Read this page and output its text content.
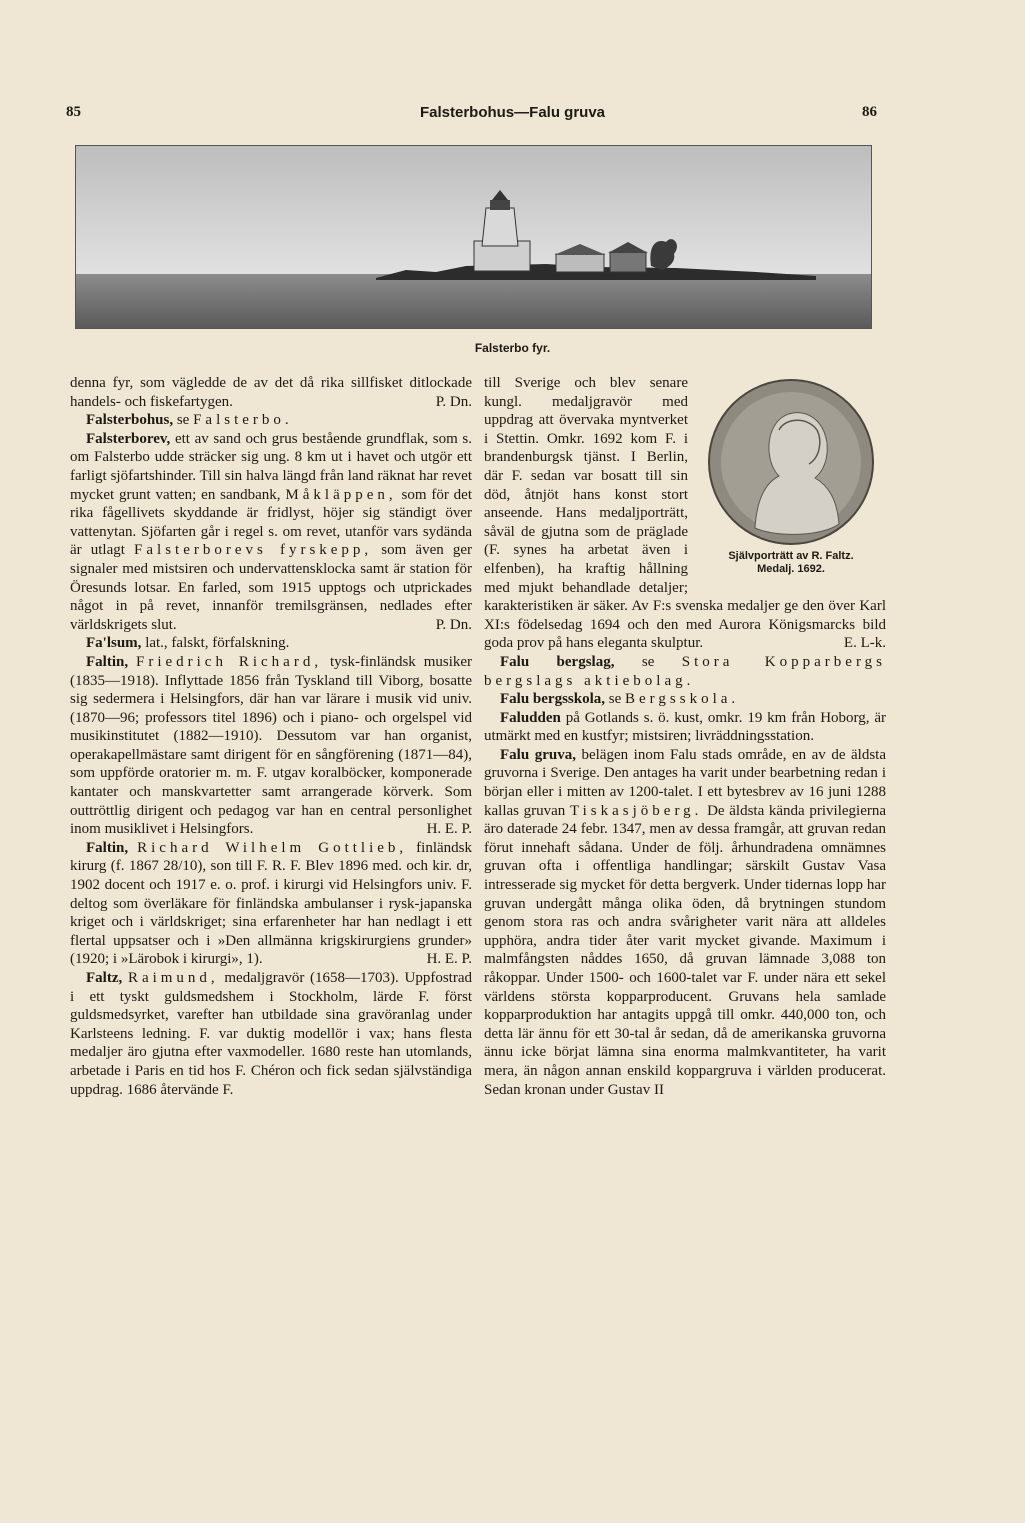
85	Falsterbohus—Falu gruva	86
Falsterbo fyr.

denna fyr, som vägledde de av det då rika sillfisket ditlockade handels- och fiskefartygen.	P. Dn.

Falsterbohus, se Falsterbo.

Falsterborev, ett av sand och grus bestående grundflak, som s. om Falsterbo udde sträcker sig ung. 8 km ut i havet och utgör ett farligt sjöfartshinder. Till sin halva längd från land räknat har revet mycket grunt vatten; en sandbank, Måkläppen, som för det rika fågellivets skyddande är fridlyst, höjer sig ständigt över vattenytan. Sjöfarten går i regel s. om revet, utanför vars sydända är utlagt Falsterborevs fyrskepp, som även ger signaler med mistsiren och undervattensklocka samt är station för Öresunds lotsar. En farled, som 1915 upptogs och utprickades något in på revet, innanför tremilsgränsen, nedlades efter världskrigets slut.	P. Dn.

Fa'lsum, lat., falskt, förfalskning.

Faltin, Friedrich Richard, tysk-finländsk musiker (1835—1918). Inflyttade 1856 från Tyskland till Viborg, bosatte sig sedermera i Helsingfors, där han var lärare i musik vid univ. (1870—96; professors titel 1896) och i piano- och orgelspel vid musikinstitutet (1882—1910). Dessutom var han organist, operakapellmästare samt dirigent för en sångförening (1871—84), som uppförde oratorier m. m. F. utgav koralböcker, komponerade kantater och manskvartetter samt arrangerade körverk. Som outtröttlig dirigent och pedagog var han en central personlighet inom musiklivet i Helsingfors.	H. E. P.

Faltin, Richard Wilhelm Gottlieb, finländsk kirurg (f. 1867 28/10), son till F. R. F. Blev 1896 med. och kir. dr, 1902 docent och 1917 e. o. prof. i kirurgi vid Helsingfors univ. F. deltog som överläkare för finländska ambulanser i rysk-japanska kriget och i världskriget; sina erfarenheter har han nedlagt i ett flertal uppsatser och i »Den allmänna krigskirurgiens grunder» (1920; i »Lärobok i kirurgi», 1).	H. E. P.

Faltz, Raimund, medaljgravör (1658—1703). Uppfostrad i ett tyskt guldsmedshem i Stockholm, lärde F. först guldsmedsyrket, varefter han utbildade sina gravöranlag under Karlsteens ledning. F. var duktig modellör i vax; hans flesta medaljer äro gjutna efter vaxmodeller. 1680 reste han utomlands, arbetade i Paris en tid hos F. Chéron och fick sedan självständiga uppdrag. 1686 återvände F.

Självporträtt av R. Faltz.
Medalj. 1692.

till Sverige och blev senare kungl. medaljgravör med uppdrag att övervaka myntverket i Stettin. Omkr. 1692 kom F. i brandenburgsk tjänst. I Berlin, där F. sedan var bosatt till sin död, åtnjöt hans konst stort anseende. Hans medaljporträtt, såväl de gjutna som de präglade (F. synes ha arbetat även i elfenben), ha kraftig hållning med mjukt behandlade detaljer; karakteristiken är säker. Av F:s svenska medaljer ge den över Karl XI:s födelsedag 1694 och den med Aurora Königsmarcks bild goda prov på hans eleganta skulptur.	E. L-k.

Falu bergslag, se Stora Kopparbergs bergslags aktiebolag.

Falu bergsskola, se Bergsskola.

Faludden på Gotlands s. ö. kust, omkr. 19 km från Hoborg, är utmärkt med en kustfyr; mistsiren; livräddningsstation.

Falu gruva, belägen inom Falu stads område, en av de äldsta gruvorna i Sverige. Den antages ha varit under bearbetning redan i början eller i mitten av 1200-talet. I ett bytesbrev av 16 juni 1288 kallas gruvan Tiskasjöberg. De äldsta kända privilegierna äro daterade 24 febr. 1347, men av dessa framgår, att gruvan redan förut innehaft sådana. Under de följ. århundradena omnämnes gruvan ofta i offentliga handlingar; särskilt Gustav Vasa intresserade sig mycket för detta bergverk. Under tidernas lopp har gruvan undergått många olika öden, då brytningen stundom genom stora ras och andra svårigheter varit nära att alldeles upphöra, andra tider åter varit mycket givande. Maximum i malmfångsten nåddes 1650, då gruvan lämnade 3,088 ton råkoppar. Under 1500- och 1600-talet var F. under nära ett sekel världens största kopparproducent. Gruvans hela samlade kopparproduktion har antagits uppgå till omkr. 440,000 ton, och detta lär ännu för ett 30-tal år sedan, då de amerikanska gruvorna ännu icke börjat lämna sina enorma malmkvantiteter, ha varit mera, än någon annan enskild koppargruva i världen producerat. Sedan kronan under Gustav II
